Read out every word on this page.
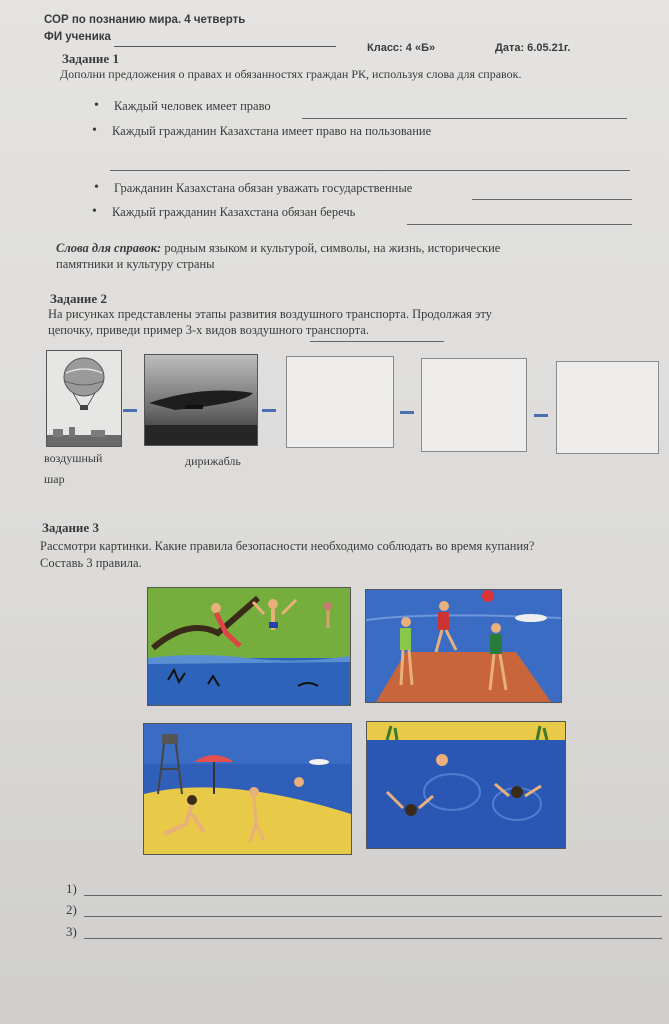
СОР по познанию мира. 4 четверть
ФИ ученика
Класс: 4 «Б»	Дата: 6.05.21г.
Задание 1
Дополни предложения о правах и обязанностях граждан РК, используя слова для справок.
• Каждый человек имеет право
• Каждый гражданин Казахстана имеет право на пользование
• Гражданин Казахстана обязан уважать государственные
• Каждый гражданин Казахстана обязан беречь
Слова для справок: родным языком и культурой, символы, на жизнь, исторические
памятники и культуру страны
Задание 2
На рисунках представлены этапы развития воздушного транспорта. Продолжая эту
цепочку, приведи пример 3-х видов воздушного транспорта.
воздушный
шар
дирижабль
Задание 3
Рассмотри картинки. Какие правила безопасности необходимо соблюдать во время купания?
Составь 3 правила.
1)
2)
3)
